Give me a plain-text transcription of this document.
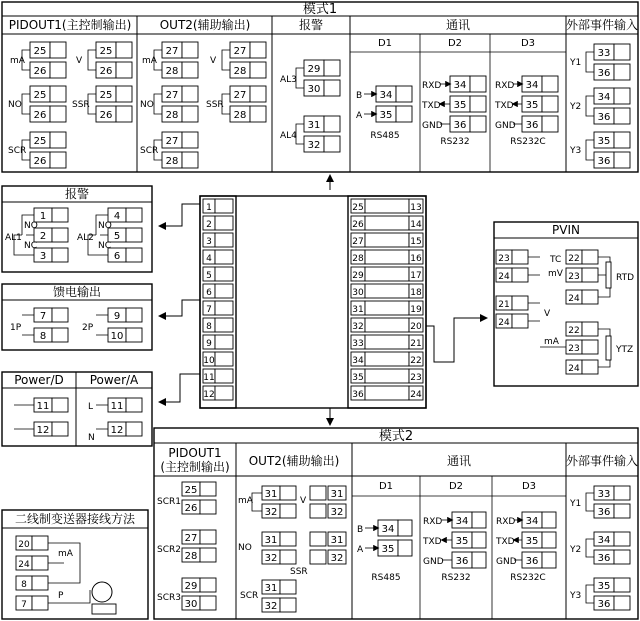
模式1
PIDOUT1(主控制输出) OUT2(辅助输出)	报警	通讯	外部事件输入
D1	D2	D3
25
26
mA
25
26
V
25
26
NO
25
26
SSR
25
26
SCR
27
28
mA
27
28
V
27
28
NO
27
28
SSR
27
28
SCR
29
30
AL3
31
32
AL4
34
35
B
A
RS485
34
35
36
RXD
TXD
GND
RS232
34
35
36
RXD
TXD
GND
RS232C
33
36
34
36
35
36
Y1
Y2
Y3
报警
1
2
3
4
5
6
AL1	AL2
NO
NC
NO
NC
馈电输出
7
8
9
10
1P	2P
Power/D Power/A
11
12
11
12
L
N
1
2
3
4
5
6
7
8
9
10
11
12
25
26
27
28
29
30
31
32
33
34
35
36
13
14
15
16
17
18
19
20
21
22
23
24
PVIN
23
24
TC
mV
22
23
24
RTD
21
24
V
22
23
24
mA
YTZ
模式2
PIDOUT1
(主控制输出) OUT2(辅助输出)	通讯	外部事件输入
D1	D2	D3
25
26
27
28
29
30
SCR1
SCR2
SCR3
31
32
31
32
31
32
31
32
31
32
mA	V
NO
SSR
SCR
34
35
B
A
RS485
34
35
36
RXD
TXD
GND
RS232
34
35
36
RXD
TXD
GND
RS232C
33
36
34
36
35
36
Y1
Y2
Y3
二线制变送器接线方法
20
24
8
7
mA
P
